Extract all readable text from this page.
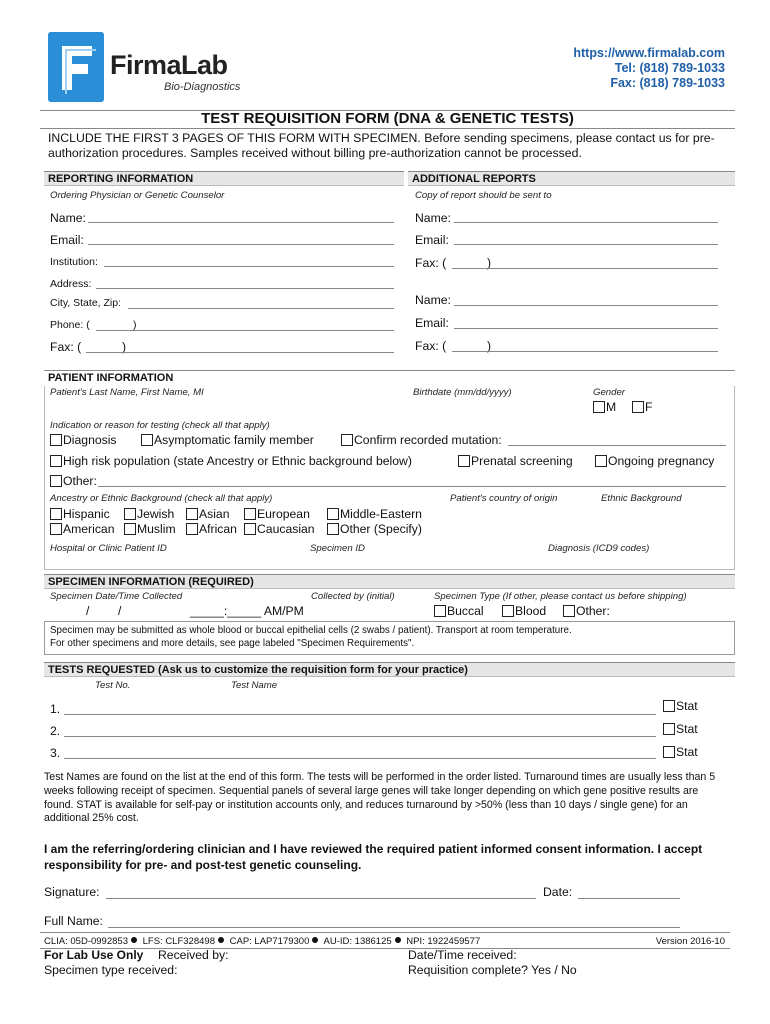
FirmaLab
Bio-Diagnostics
https://www.firmalab.com
Tel: (818) 789-1033
Fax: (818) 789-1033
TEST REQUISITION FORM (DNA & GENETIC TESTS)
INCLUDE THE FIRST 3 PAGES OF THIS FORM WITH SPECIMEN. Before sending specimens, please contact us for pre-authorization procedures. Samples received without billing pre-authorization cannot be processed.
REPORTING INFORMATION	ADDITIONAL REPORTS
Ordering Physician or Genetic Counselor	Copy of report should be sent to
Name:
Email:
Institution:
Address:
City, State, Zip:
Phone: (	)
Fax: (	)
Name:
Email:
Fax: (	)
Name:
Email:
Fax: (	)
PATIENT INFORMATION
Patient's Last Name, First Name, MI	Birthdate (mm/dd/yyyy)	Gender
M	F
Indication or reason for testing (check all that apply)
Diagnosis	Asymptomatic family member	Confirm recorded mutation:
High risk population (state Ancestry or Ethnic background below)	Prenatal screening	Ongoing pregnancy
Other:
Ancestry or Ethnic Background (check all that apply)	Patient's country of origin	Ethnic Background
Hispanic	Jewish	Asian	European	Middle-Eastern
American	Muslim	African	Caucasian	Other (Specify)
Hospital or Clinic Patient ID	Specimen ID	Diagnosis (ICD9 codes)
SPECIMEN INFORMATION (REQUIRED)
Specimen Date/Time Collected	Collected by (initial)	Specimen Type (If other, please contact us before shipping)
/ /	_____:_____ AM/PM	Buccal	Blood	Other:
Specimen may be submitted as whole blood or buccal epithelial cells (2 swabs / patient). Transport at room temperature.
For other specimens and more details, see page labeled "Specimen Requirements".
TESTS REQUESTED (Ask us to customize the requisition form for your practice)
Test No.	Test Name
1.	Stat
2.	Stat
3.	Stat
Test Names are found on the list at the end of this form. The tests will be performed in the order listed. Turnaround times are usually less than 5 weeks following receipt of specimen. Sequential panels of several large genes will take longer depending on which gene positive results are found. STAT is available for self-pay or institution accounts only, and reduces turnaround by >50% (less than 10 days / single gene) for an additional 25% cost.
I am the referring/ordering clinician and I have reviewed the required patient informed consent information. I accept responsibility for pre- and post-test genetic counseling.
Signature:	Date:
Full Name:
CLIA: 05D-0992853 LFS: CLF328498 CAP: LAP7179300 AU-ID: 1386125 NPI: 1922459577	Version 2016-10
For Lab Use Only Received by:	Date/Time received:
Specimen type received:	Requisition complete? Yes / No
